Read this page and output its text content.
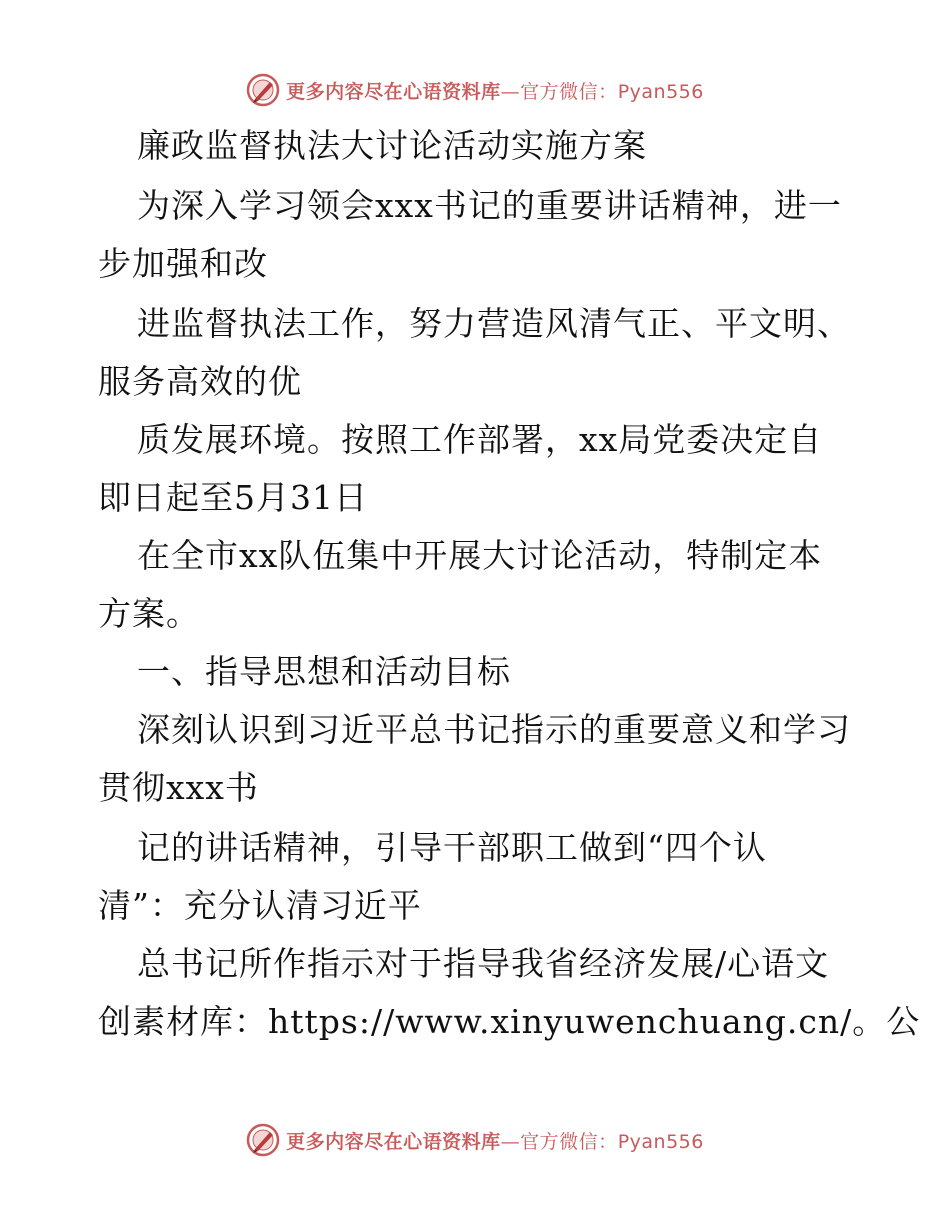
更多内容尽在心语资料库—官方微信：Pyan556
廉政监督执法大讨论活动实施方案
为深入学习领会xxx书记的重要讲话精神，进一
步加强和改
进监督执法工作，努力营造风清气正、平文明、
服务高效的优
质发展环境。按照工作部署，xx局党委决定自
即日起至5月31日
在全市xx队伍集中开展大讨论活动，特制定本
方案。
一、指导思想和活动目标
深刻认识到习近平总书记指示的重要意义和学习
贯彻xxx书
记的讲话精神，引导干部职工做到“四个认
清”：充分认清习近平
总书记所作指示对于指导我省经济发展/心语文
创素材库：https://www.xinyuwenchuang.cn/。公
更多内容尽在心语资料库—官方微信：Pyan556
